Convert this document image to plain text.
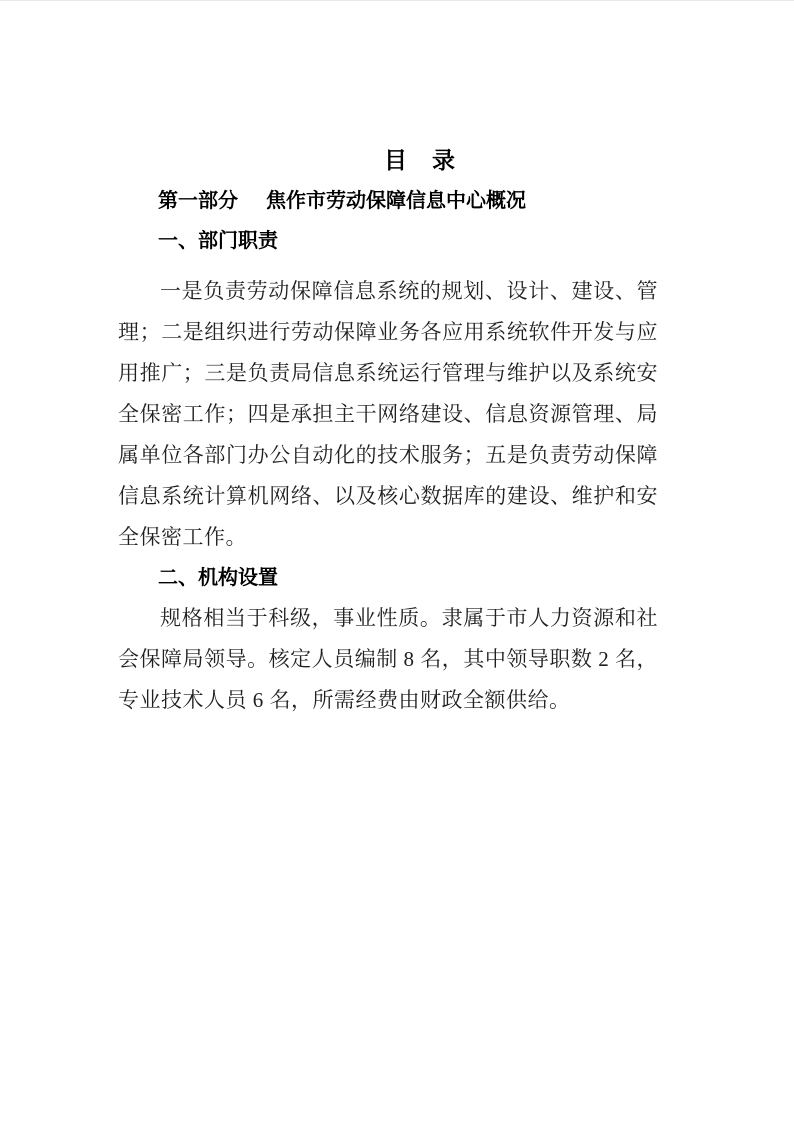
目　录
第一部分 焦作市劳动保障信息中心概况
一、部门职责

一是负责劳动保障信息系统的规划、设计、建设、管理；二是组织进行劳动保障业务各应用系统软件开发与应用推广；三是负责局信息系统运行管理与维护以及系统安全保密工作；四是承担主干网络建设、信息资源管理、局属单位各部门办公自动化的技术服务；五是负责劳动保障信息系统计算机网络、以及核心数据库的建设、维护和安全保密工作。

二、机构设置

规格相当于科级，事业性质。隶属于市人力资源和社会保障局领导。核定人员编制 8 名，其中领导职数 2 名，专业技术人员 6 名，所需经费由财政全额供给。
